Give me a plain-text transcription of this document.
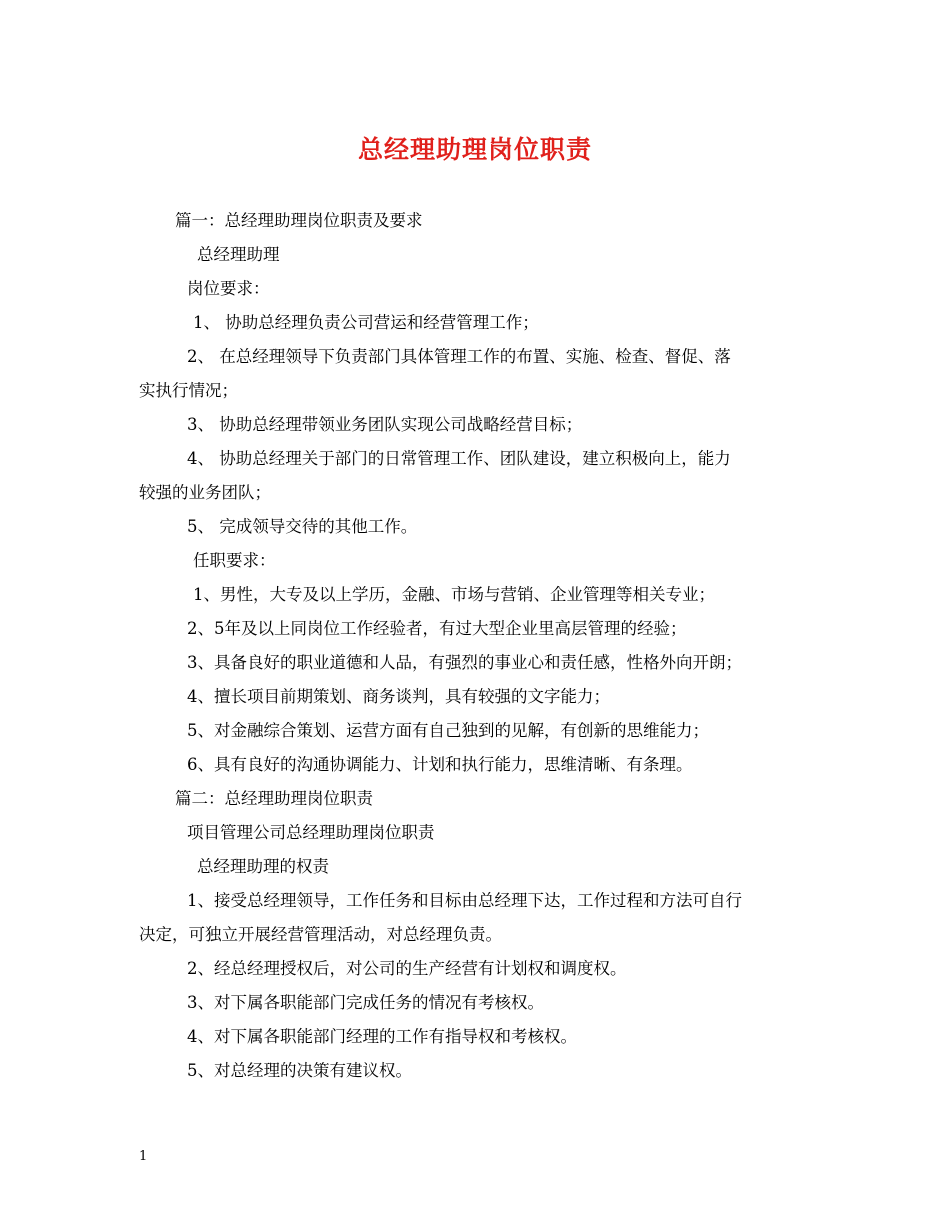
总经理助理岗位职责
篇一：总经理助理岗位职责及要求
总经理助理
岗位要求：
1、 协助总经理负责公司营运和经营管理工作；
2、 在总经理领导下负责部门具体管理工作的布置、实施、检查、督促、落
实执行情况；
3、 协助总经理带领业务团队实现公司战略经营目标；
4、 协助总经理关于部门的日常管理工作、团队建设，建立积极向上，能力
较强的业务团队；
5、 完成领导交待的其他工作。
任职要求：
1、男性，大专及以上学历，金融、市场与营销、企业管理等相关专业；
2、5年及以上同岗位工作经验者，有过大型企业里高层管理的经验；
3、具备良好的职业道德和人品，有强烈的事业心和责任感，性格外向开朗；
4、擅长项目前期策划、商务谈判，具有较强的文字能力；
5、对金融综合策划、运营方面有自己独到的见解，有创新的思维能力；
6、具有良好的沟通协调能力、计划和执行能力，思维清晰、有条理。
篇二：总经理助理岗位职责
项目管理公司总经理助理岗位职责
总经理助理的权责
1、接受总经理领导，工作任务和目标由总经理下达，工作过程和方法可自行
决定，可独立开展经营管理活动，对总经理负责。
2、经总经理授权后，对公司的生产经营有计划权和调度权。
3、对下属各职能部门完成任务的情况有考核权。
4、对下属各职能部门经理的工作有指导权和考核权。
5、对总经理的决策有建议权。
1
